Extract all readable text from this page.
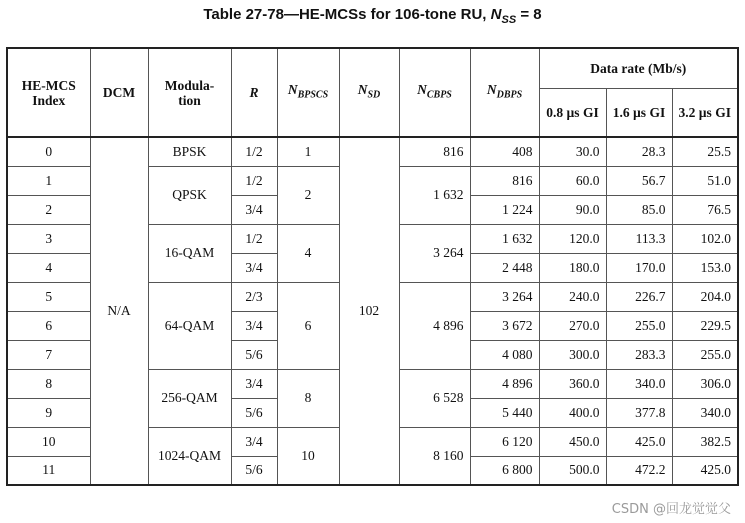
Table 27-78—HE-MCSs for 106-tone RU, $N_{SS} = 8$
HE-MCS Index	DCM	Modula-tion	R	$N_{BPSCS}$	$N_{SD}$	$N_{CBPS}$	$N_{DBPS}$	Data rate (Mb/s)		
								0.8 µs GI	1.6 µs GI	3.2 µs GI
0	N/A	BPSK	1/2	1	102	816	408	30.0	28.3	25.5
1		QPSK	1/2	2		1 632	816	60.0	56.7	51.0
2			3/4				1 224	90.0	85.0	76.5
3		16-QAM	1/2	4		3 264	1 632	120.0	113.3	102.0
4			3/4				2 448	180.0	170.0	153.0
5		64-QAM	2/3	6		4 896	3 264	240.0	226.7	204.0
6			3/4				3 672	270.0	255.0	229.5
7			5/6				4 080	300.0	283.3	255.0
8		256-QAM	3/4	8		6 528	4 896	360.0	340.0	306.0
9			5/6				5 440	400.0	377.8	340.0
10		1024-QAM	3/4	10		8 160	6 120	450.0	425.0	382.5
11			5/6				6 800	500.0	472.2	425.0
CSDN @回龙觉觉父
